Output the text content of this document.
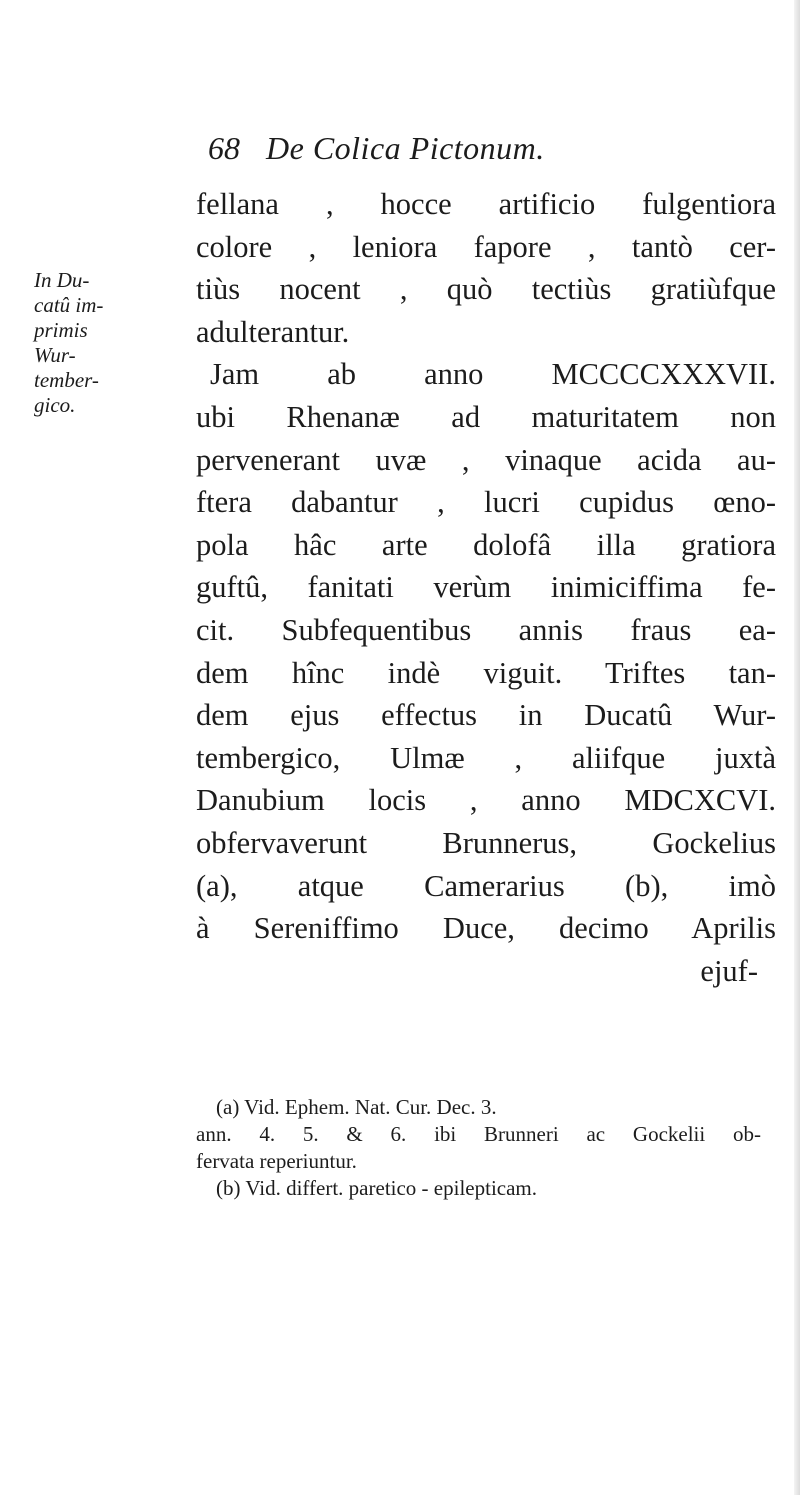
68 De Colica Pictonum.
In Du-
catû im-
primis
Wur-
tember-
gico.
fellana , hocce artificio fulgentiora
colore , leniora fapore , tantò cer-
tiùs nocent , quò tectiùs gratiùfque
adulterantur.
Jam ab anno MCCCCXXXVII.
ubi Rhenanæ ad maturitatem non
pervenerant uvæ , vinaque acida au-
ftera dabantur , lucri cupidus œno-
pola hâc arte dolofâ illa gratiora
guftû, fanitati verùm inimiciffima fe-
cit. Subfequentibus annis fraus ea-
dem hînc indè viguit. Triftes tan-
dem ejus effectus in Ducatû Wur-
tembergico, Ulmæ , aliifque juxtà
Danubium locis , anno MDCXCVI.
obfervaverunt Brunnerus, Gockelius
(a), atque Camerarius (b), imò
à Sereniffimo Duce, decimo Aprilis
ejuf-
(a) Vid. Ephem. Nat. Cur. Dec. 3.
ann. 4. 5. & 6. ibi Brunneri ac Gockelii ob-
fervata reperiuntur.
(b) Vid. differt. paretico - epilepticam.
